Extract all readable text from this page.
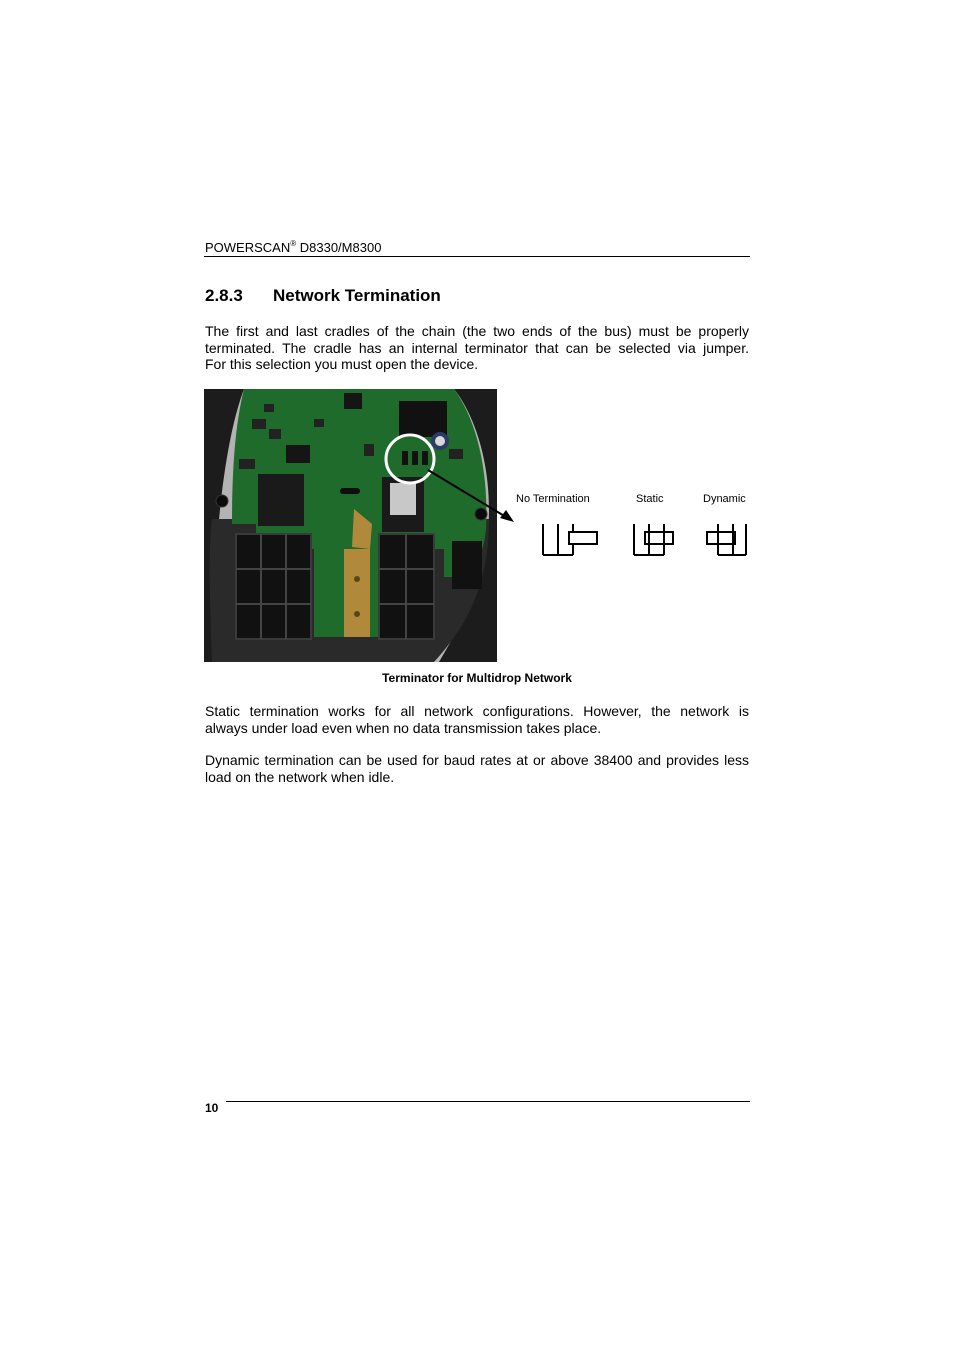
POWERSCAN® D8330/M8300
2.8.3 Network Termination
The first and last cradles of the chain (the two ends of the bus) must be properly
terminated. The cradle has an internal terminator that can be selected via jumper.
For this selection you must open the device.
No Termination	Static	Dynamic
Terminator for Multidrop Network
Static termination works for all network configurations. However, the network is
always under load even when no data transmission takes place.
Dynamic termination can be used for baud rates at or above 38400 and provides less
load on the network when idle.
10
